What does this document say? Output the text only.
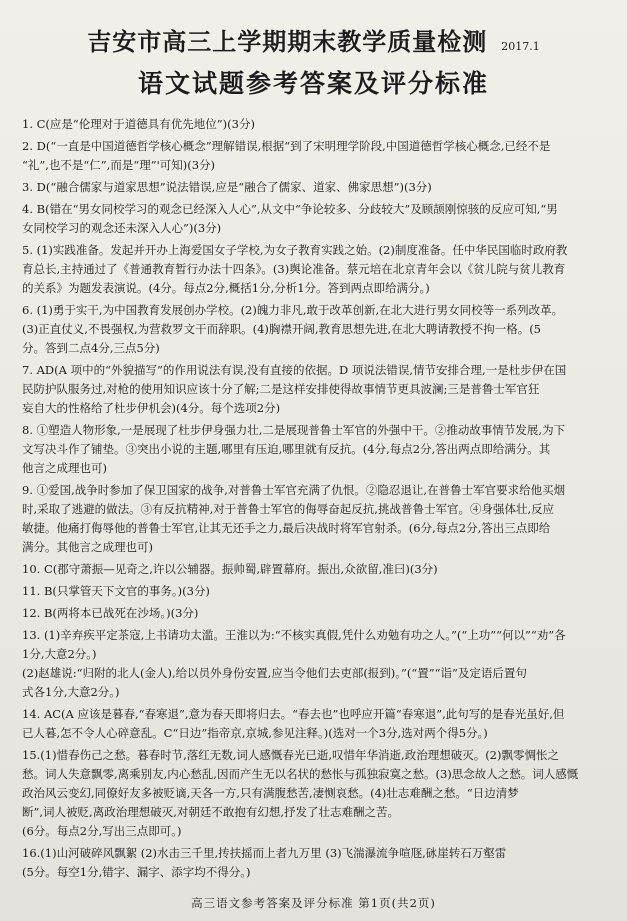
吉安市高三上学期期末教学质量检测 2017.1
语文试题参考答案及评分标准
1. C(应是“伦理对于道德具有优先地位”)(3分)
2. D(“一直是中国道德哲学核心概念”理解错误,根据“到了宋明理学阶段,中国道德哲学核心概念,已经不是
“礼”,也不是“仁”,而是“理”'可知)(3分)
3. D(“融合儒家与道家思想”说法错误,应是“融合了儒家、道家、佛家思想”)(3分)
4. B(错在“男女同校学习的观念已经深入人心”,从文中“争论较多、分歧较大”及顾颉刚惊骇的反应可知,“男
女同校学习的观念还未深入人心”)(3分)
5. (1)实践准备。发起并开办上海爱国女子学校,为女子教育实践之始。(2)制度准备。任中华民国临时政府教
育总长,主持通过了《普通教育暂行办法十四条》。(3)舆论准备。蔡元培在北京青年会以《贫儿院与贫儿教育
的关系》为题发表演说。(4分。每点2分,概括1分,分析1分。答到两点即给满分。)
6. (1)勇于实干,为中国教育发展创办学校。(2)魄力非凡,敢于改革创新,在北大进行男女同校等一系列改革。
(3)正直仗义,不畏强权,为营救罗文干而辞职。(4)胸襟开阔,教育思想先进,在北大聘请教授不拘一格。(5
分。答到二点4分,三点5分)
7. AD(A 项中的“外貌描写”的作用说法有误,没有直接的依据。D 项说法错误,情节安排合理,一是杜步伊在国
民防护队服务过,对枪的使用知识应该十分了解;二是这样安排使得故事情节更具波澜;三是普鲁士军官狂
妄自大的性格给了杜步伊机会)(4分。每个选项2分)
8. ①塑造人物形象,一是展现了杜步伊身强力壮,二是展现普鲁士军官的外强中干。②推动故事情节发展,为下
文写决斗作了铺垫。③突出小说的主题,哪里有压迫,哪里就有反抗。(4分,每点2分,答出两点即给满分。其
他言之成理也可)
9. ①爱国,战争时参加了保卫国家的战争,对普鲁士军官充满了仇恨。②隐忍退让,在普鲁士军官要求给他买烟
时,采取了逃避的做法。③有反抗精神,对于普鲁士军官的侮辱奋起反抗,挑战普鲁士军官。④身强体壮,反应
敏捷。他痛打侮辱他的普鲁士军官,让其无还手之力,最后决战时将军官射杀。(6分,每点2分,答出三点即给
满分。其他言之成理也可)
10. C(郡守萧振—见奇之,许以公辅器。振帅蜀,辟置幕府。振出,众欲留,准曰)(3分)
11. B(只掌管天下文官的事务。)(3分)
12. B(两将本已战死在沙场。)(3分)
13. (1)辛弃疾平定茶寇,上书请功太滥。王淮以为:“不核实真假,凭什么劝勉有功之人。”(“上功”“何以”“劝”各
1分,大意2分。)
(2)赵雄说:“归附的北人(金人),给以员外身份安置,应当令他们去吏部(报到)。”(“置”“诣”及定语后置句
式各1分,大意2分。)
14. AC(A 应该是暮春,“春寒退”,意为春天即将归去。“春去也”也呼应开篇“春寒退”,此句写的是春光虽好,但
已人暮,怎不令人心碎意乱。C“日边”指帝京,京城,参见注释。)(选对一个3分,选对两个得5分。)
15.(1)惜春伤己之愁。暮春时节,落红无数,词人感慨春光已逝,叹惜年华消逝,政治理想破灭。(2)飘零惆怅之
愁。词人失意飘零,离乘别友,内心愁乱,因而产生无以名状的愁怅与孤独寂寞之愁。(3)思念故人之愁。词人感慨
政治风云变幻,同僚好友多被贬谪,天各一方,只有满腹愁苦,凄恻哀愁。(4)壮志难酬之愁。“日边清梦
断”,词人被贬,离政治理想破灭,对朝廷不敢抱有幻想,抒发了壮志难酬之苦。
(6分。每点2分,写出三点即可。)
16.(1)山河破碎风飘絮 (2)水击三千里,抟扶摇而上者九万里 (3)飞湍瀑流争喧豗,砯崖转石万壑雷
(5分。每空1分,错字、漏字、添字均不得分。)
高三语文参考答案及评分标准 第1页(共2页)
